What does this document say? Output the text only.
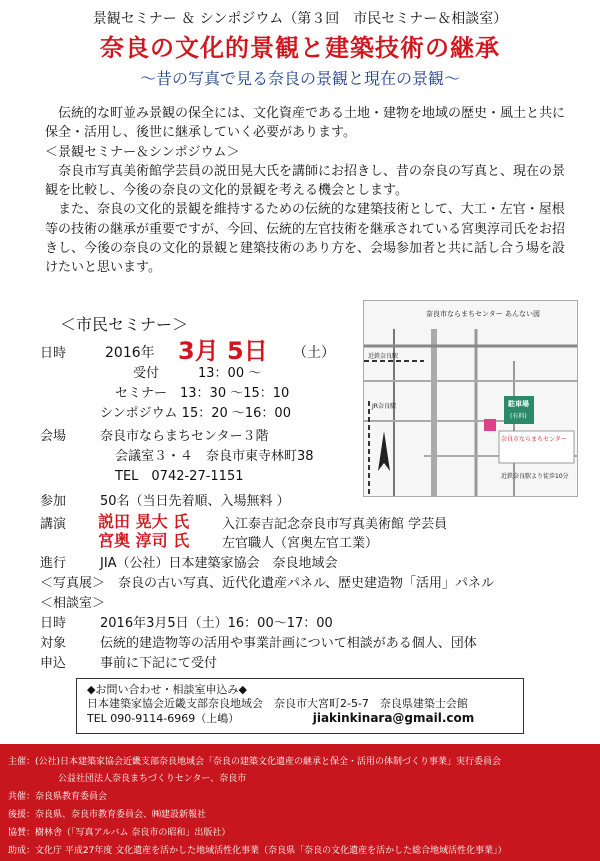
景観セミナー ＆ シンポジウム（第３回　市民セミナー＆相談室）
奈良の文化的景観と建築技術の継承
～昔の写真で見る奈良の景観と現在の景観～

伝統的な町並み景観の保全には、文化資産である土地・建物を地域の歴史・風土と共に保全・活用し、後世に継承していく必要があります。

＜景観セミナー＆シンポジウム＞

奈良市写真美術館学芸員の説田晃大氏を講師にお招きし、昔の奈良の写真と、現在の景観を比較し、今後の奈良の文化的景観を考える機会とします。

また、奈良の文化的景観を維持するための伝統的な建築技術として、大工・左官・屋根等の技術の継承が重要ですが、今回、伝統的左官技術を継承されている宮奥淳司氏をお招きし、今後の奈良の文化的景観と建築技術のあり方を、会場参加者と共に話し合う場を設けたいと思います。

＜市民セミナー＞
日時	2016年 3月 5日 （土）
受付　　　13：00 ～
セミナー　13：30 ～15：10
シンポジウム 15：20 ～16：00
会場	奈良市ならまちセンター３階
会議室３・４　奈良市東寺林町38
TEL　0742-27-1151
参加	50名（当日先着順、入場無料 ）
講演 説田 晃大 氏	入江泰吉記念奈良市写真美術館 学芸員
宮奥 淳司 氏	左官職人（宮奥左官工業）
進行	JIA（公社）日本建築家協会　奈良地域会
＜写真展＞　奈良の古い写真、近代化遺産パネル、歴史建造物「活用」パネル
＜相談室＞
日時	2016年3月5日（土）16：00～17：00
対象	伝統的建造物等の活用や事業計画について相談がある個人、団体
申込	事前に下記にて受付
奈良市ならまちセンター あんない図
近鉄奈良駅
JR奈良駅	駐車場
(有料)
奈良市ならまちセンター
近鉄奈良駅より徒歩10分
◆お問い合わせ・相談室申込み◆
日本建築家協会近畿支部奈良地域会　奈良市大宮町2-5-7　奈良県建築士会館
TEL 090-9114-6969（上嶋）	jiakinkinara@gmail.com
主催：(公社)日本建築家協会近畿支部奈良地域会「奈良の建築文化遺産の継承と保全・活用の体制づくり事業」実行委員会
公益社団法人奈良まちづくりセンター、奈良市
共催：奈良県教育委員会
後援：奈良県、奈良市教育委員会、㈱建設新報社
協賛：樹林舎（「写真アルバム 奈良市の昭和」出版社）
助成：文化庁 平成27年度 文化遺産を活かした地域活性化事業（奈良県「奈良の文化遺産を活かした総合地域活性化事業」）
